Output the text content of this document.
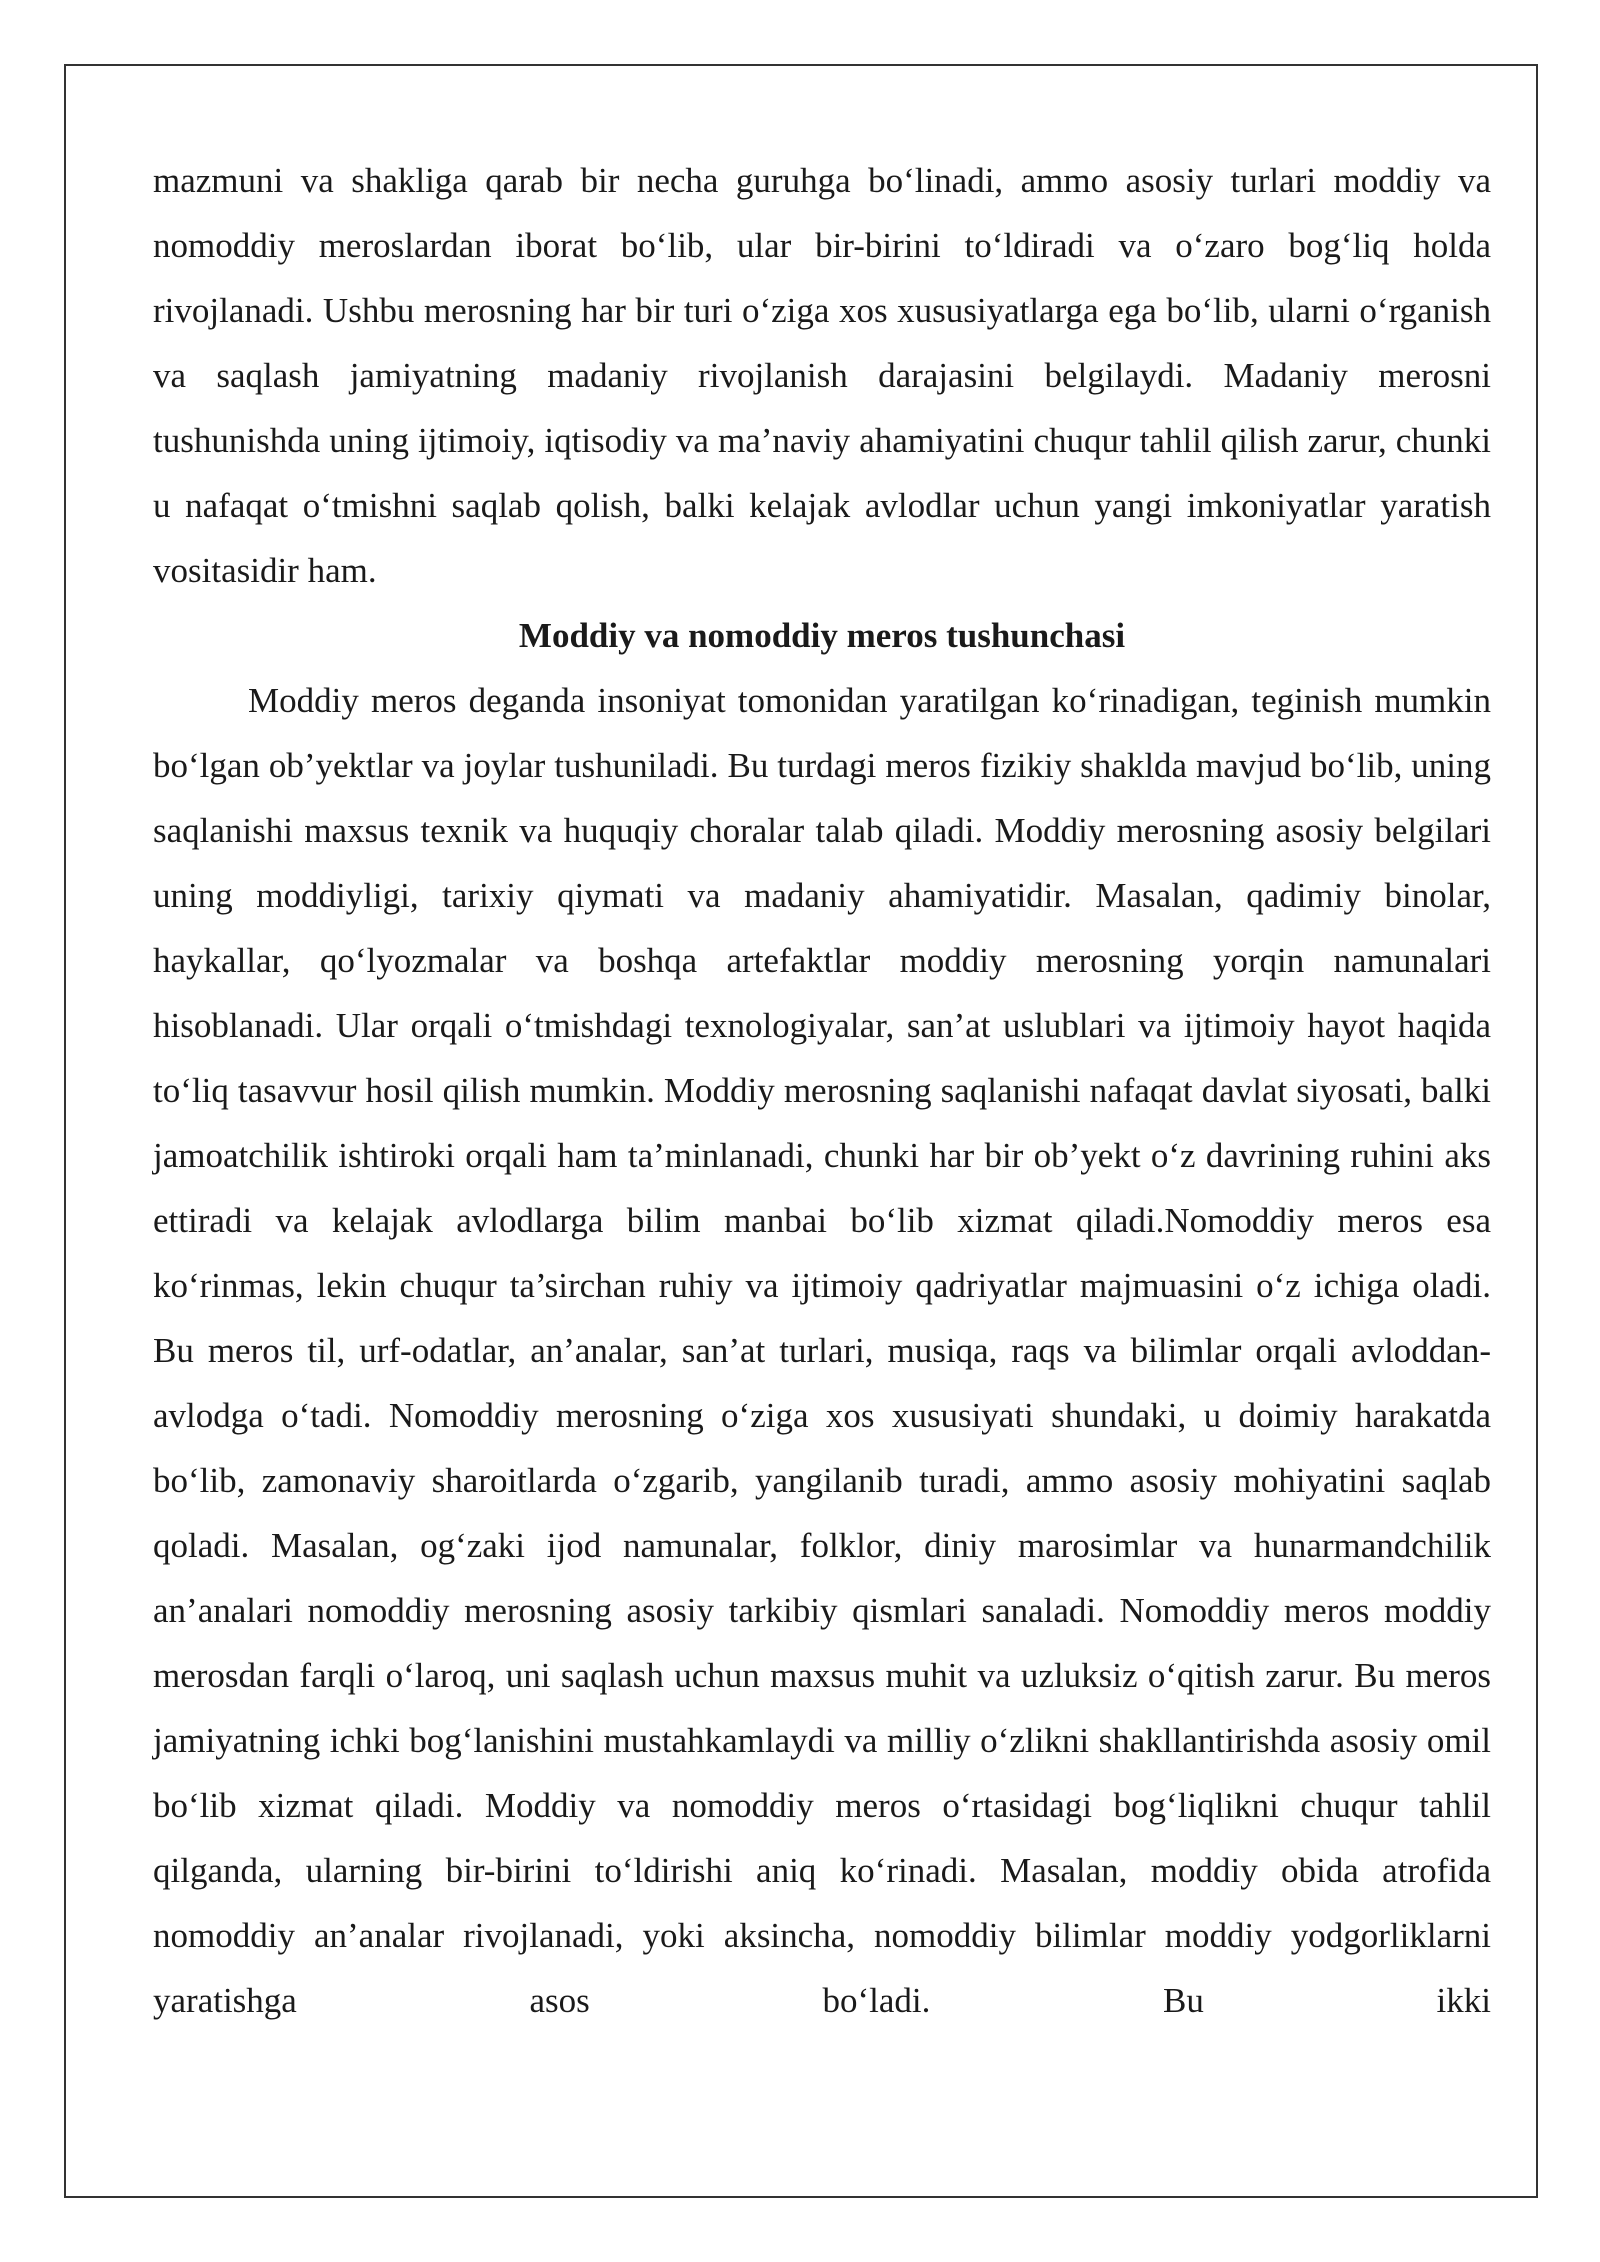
mazmuni va shakliga qarab bir necha guruhga bo‘linadi, ammo asosiy turlari moddiy va nomoddiy meroslardan iborat bo‘lib, ular bir-birini to‘ldiradi va o‘zaro bog‘liq holda rivojlanadi. Ushbu merosning har bir turi o‘ziga xos xususiyatlarga ega bo‘lib, ularni o‘rganish va saqlash jamiyatning madaniy rivojlanish darajasini belgilaydi. Madaniy merosni tushunishda uning ijtimoiy, iqtisodiy va ma’naviy ahamiyatini chuqur tahlil qilish zarur, chunki u nafaqat o‘tmishni saqlab qolish, balki kelajak avlodlar uchun yangi imkoniyatlar yaratish vositasidir ham.

Moddiy va nomoddiy meros tushunchasi

Moddiy meros deganda insoniyat tomonidan yaratilgan ko‘rinadigan, teginish mumkin bo‘lgan ob’yektlar va joylar tushuniladi. Bu turdagi meros fizikiy shaklda mavjud bo‘lib, uning saqlanishi maxsus texnik va huquqiy choralar talab qiladi. Moddiy merosning asosiy belgilari uning moddiyligi, tarixiy qiymati va madaniy ahamiyatidir. Masalan, qadimiy binolar, haykallar, qo‘lyozmalar va boshqa artefaktlar moddiy merosning yorqin namunalari hisoblanadi. Ular orqali o‘tmishdagi texnologiyalar, san’at uslublari va ijtimoiy hayot haqida to‘liq tasavvur hosil qilish mumkin. Moddiy merosning saqlanishi nafaqat davlat siyosati, balki jamoatchilik ishtiroki orqali ham ta’minlanadi, chunki har bir ob’yekt o‘z davrining ruhini aks ettiradi va kelajak avlodlarga bilim manbai bo‘lib xizmat qiladi.Nomoddiy meros esa ko‘rinmas, lekin chuqur ta’sirchan ruhiy va ijtimoiy qadriyatlar majmuasini o‘z ichiga oladi. Bu meros til, urf-odatlar, an’analar, san’at turlari, musiqa, raqs va bilimlar orqali avloddan-avlodga o‘tadi. Nomoddiy merosning o‘ziga xos xususiyati shundaki, u doimiy harakatda bo‘lib, zamonaviy sharoitlarda o‘zgarib, yangilanib turadi, ammo asosiy mohiyatini saqlab qoladi. Masalan, og‘zaki ijod namunalar, folklor, diniy marosimlar va hunarmandchilik an’analari nomoddiy merosning asosiy tarkibiy qismlari sanaladi. Nomoddiy meros moddiy merosdan farqli o‘laroq, uni saqlash uchun maxsus muhit va uzluksiz o‘qitish zarur. Bu meros jamiyatning ichki bog‘lanishini mustahkamlaydi va milliy o‘zlikni shakllantirishda asosiy omil bo‘lib xizmat qiladi. Moddiy va nomoddiy meros o‘rtasidagi bog‘liqlikni chuqur tahlil qilganda, ularning bir-birini to‘ldirishi aniq ko‘rinadi. Masalan, moddiy obida atrofida nomoddiy an’analar rivojlanadi, yoki aksincha, nomoddiy bilimlar moddiy yodgorliklarni yaratishga asos bo‘ladi. Bu ikki
